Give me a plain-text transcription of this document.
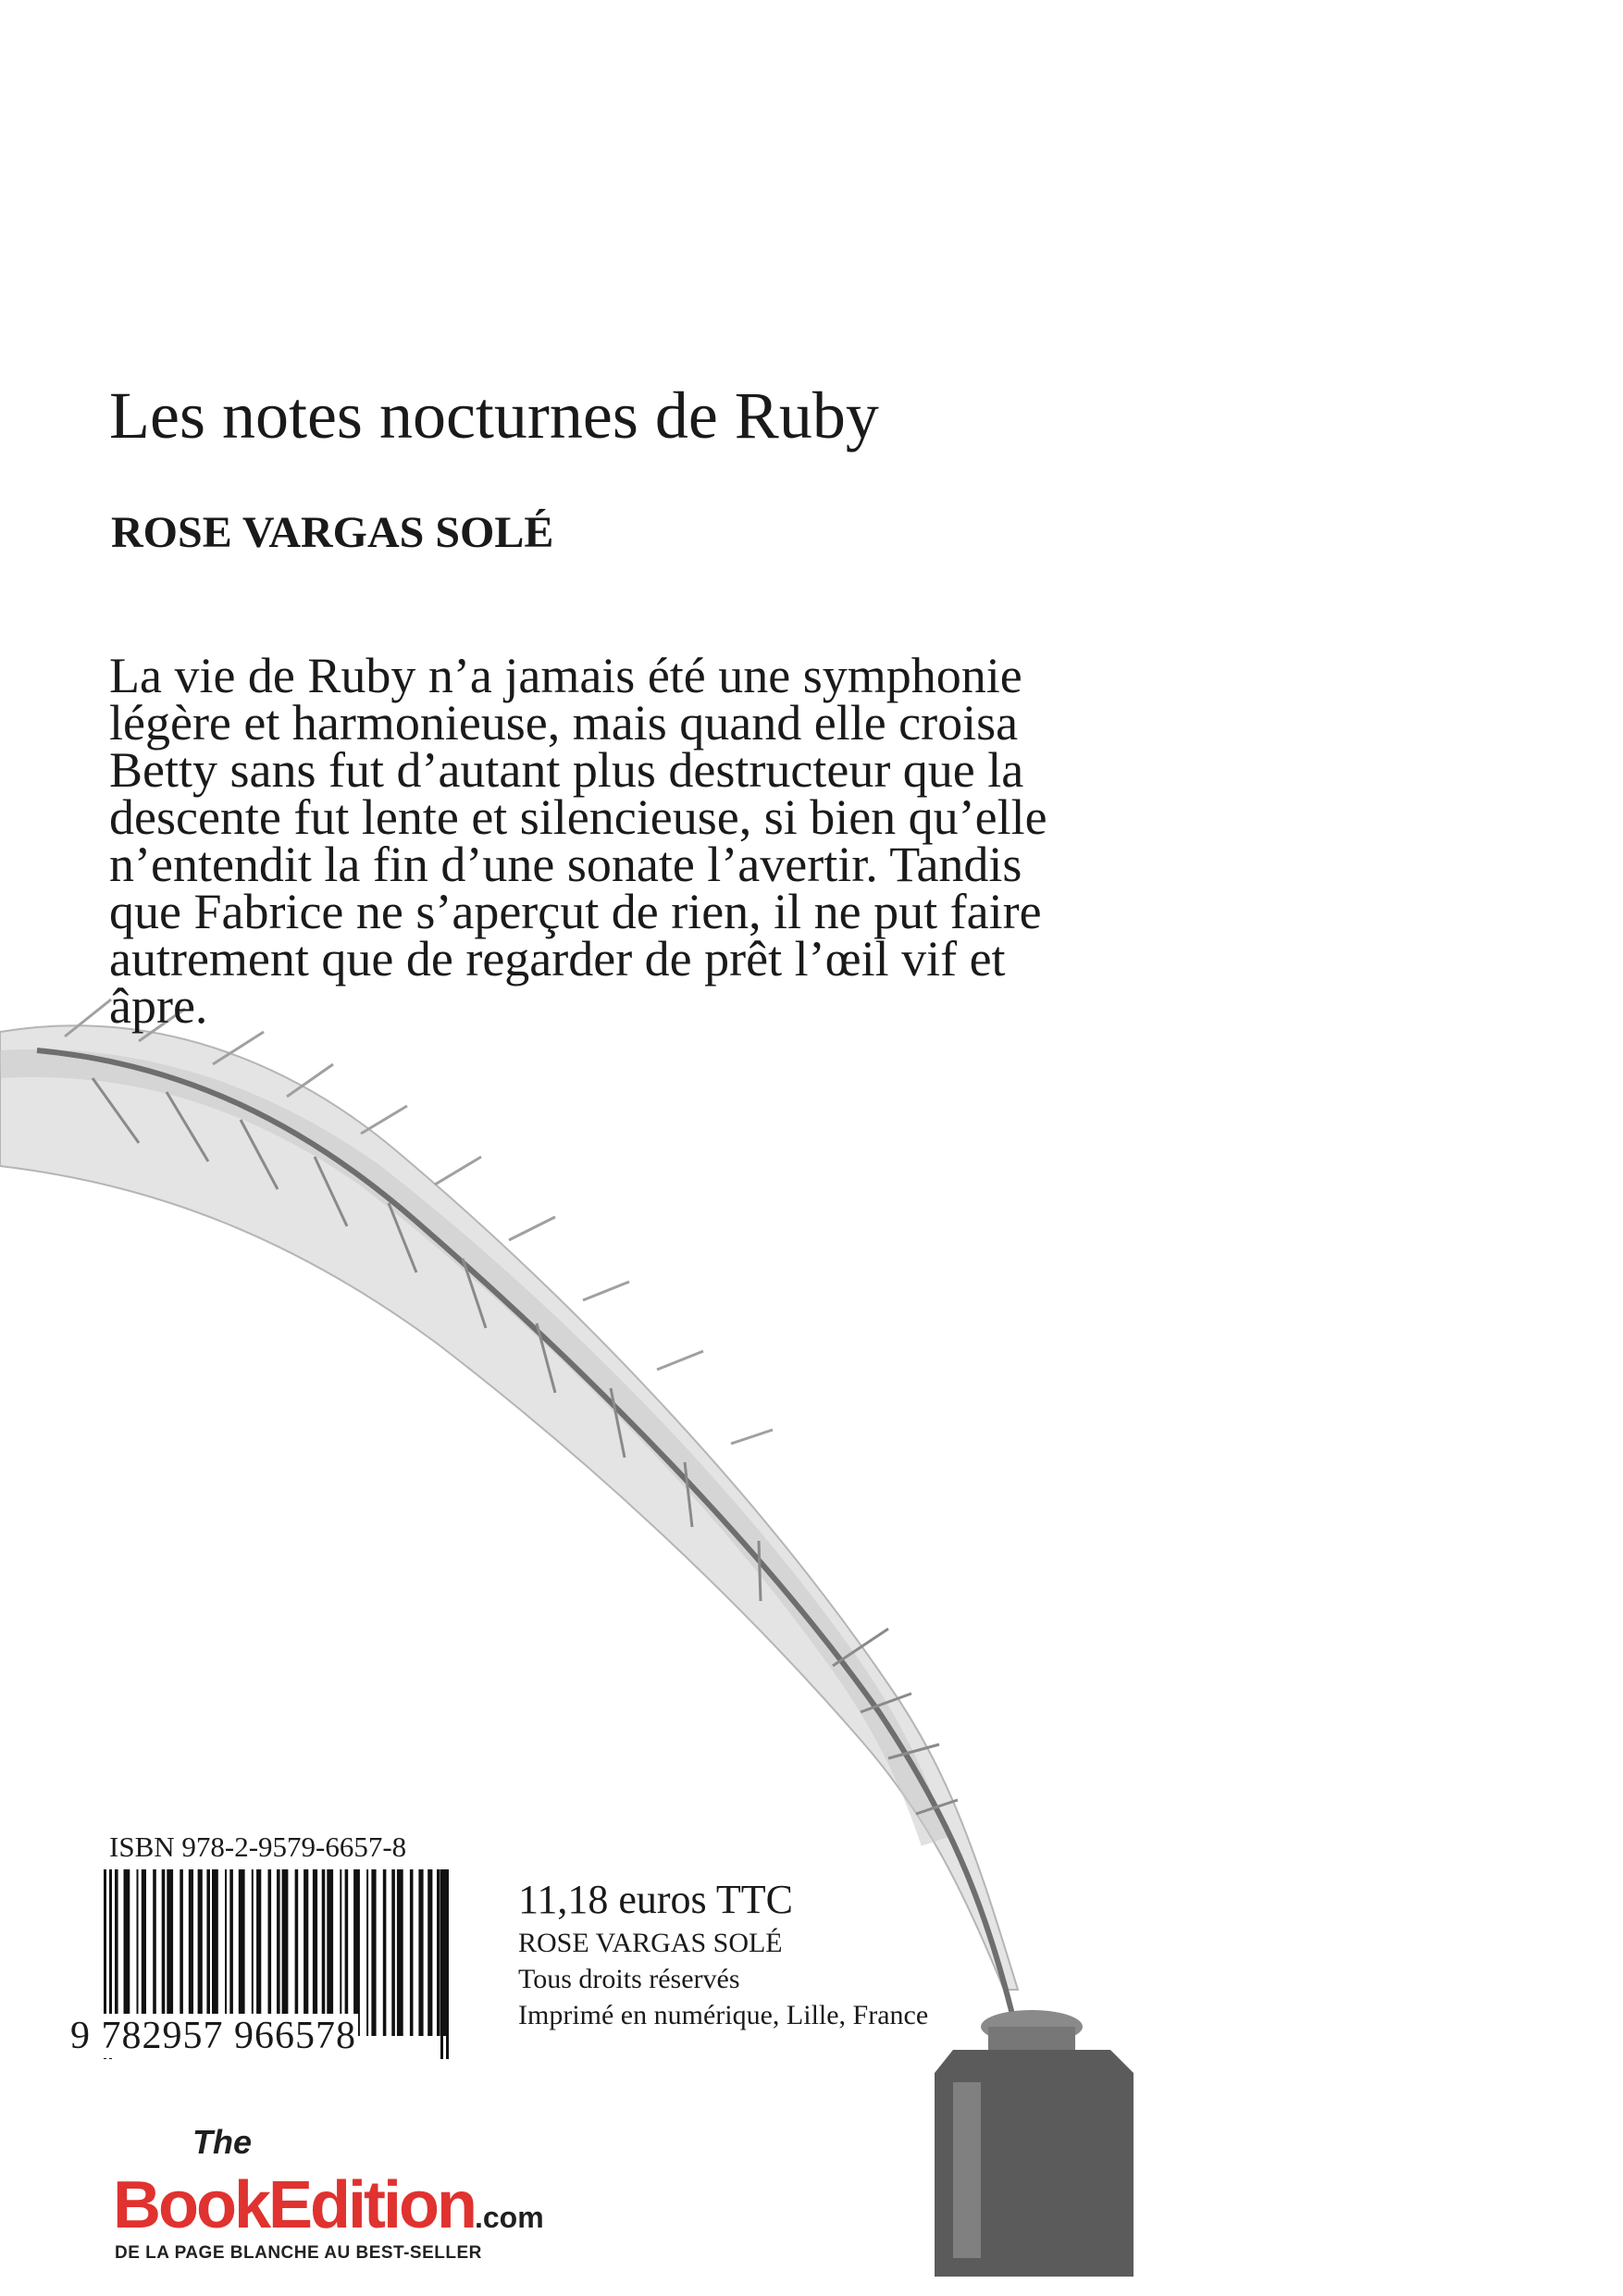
Les notes nocturnes de Ruby
ROSE VARGAS SOLÉ
La vie de Ruby n’a jamais été une symphonie
légère et harmonieuse, mais quand elle croisa
Betty sans fut d’autant plus destructeur que la
descente fut lente et silencieuse, si bien qu’elle
n’entendit la fin d’une sonate l’avertir. Tandis
que Fabrice ne s’aperçut de rien, il ne put faire
autrement que de regarder de prêt l’œil vif et
âpre.
ISBN 978-2-9579-6657-8
9 782957 966578
11,18 euros TTC
ROSE VARGAS SOLÉ
Tous droits réservés
Imprimé en numérique, Lille, France
The
BookEdition.com
DE LA PAGE BLANCHE AU BEST-SELLER
